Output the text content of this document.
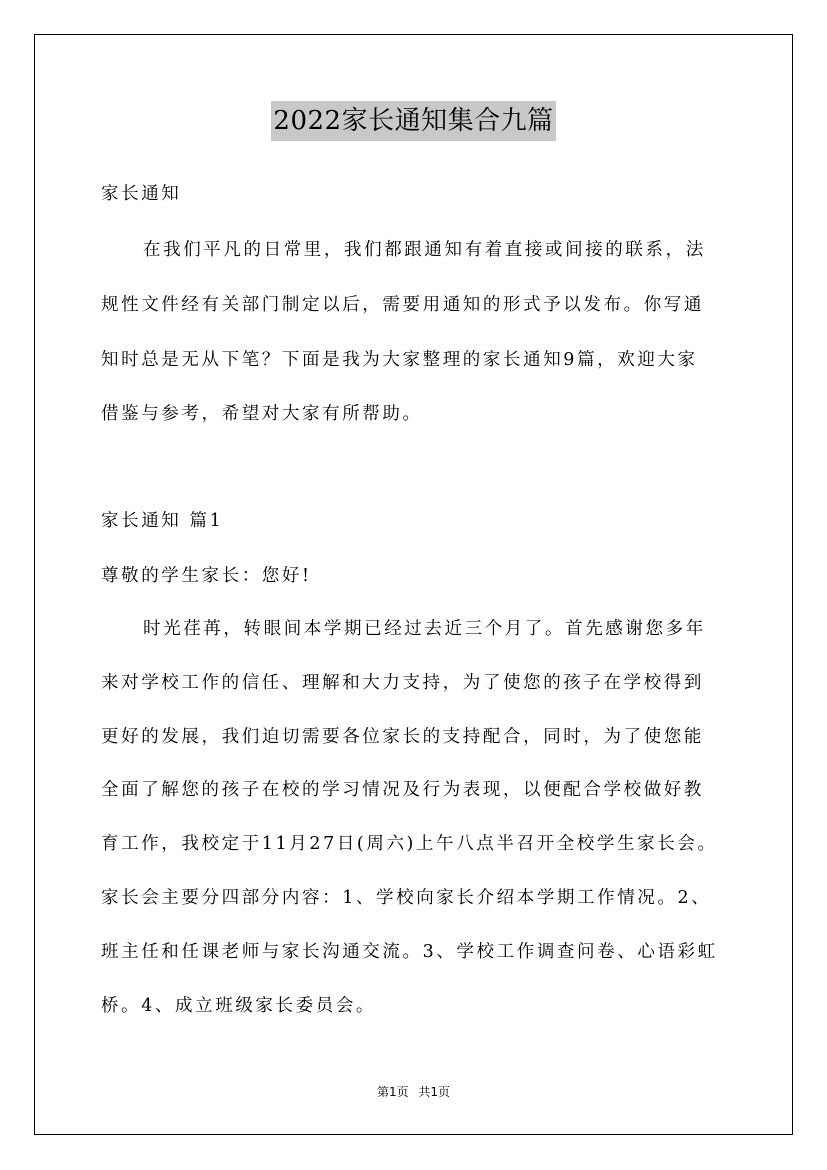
2022家长通知集合九篇
家长通知
在我们平凡的日常里，我们都跟通知有着直接或间接的联系，法
规性文件经有关部门制定以后，需要用通知的形式予以发布。你写通
知时总是无从下笔？下面是我为大家整理的家长通知9篇，欢迎大家
借鉴与参考，希望对大家有所帮助。
家长通知 篇1
尊敬的学生家长：您好!
时光荏苒，转眼间本学期已经过去近三个月了。首先感谢您多年
来对学校工作的信任、理解和大力支持，为了使您的孩子在学校得到
更好的发展，我们迫切需要各位家长的支持配合，同时，为了使您能
全面了解您的孩子在校的学习情况及行为表现，以便配合学校做好教
育工作，我校定于11月27日(周六)上午八点半召开全校学生家长会。
家长会主要分四部分内容：1、学校向家长介绍本学期工作情况。2、
班主任和任课老师与家长沟通交流。3、学校工作调查问卷、心语彩虹
桥。4、成立班级家长委员会。
第1页 共1页
